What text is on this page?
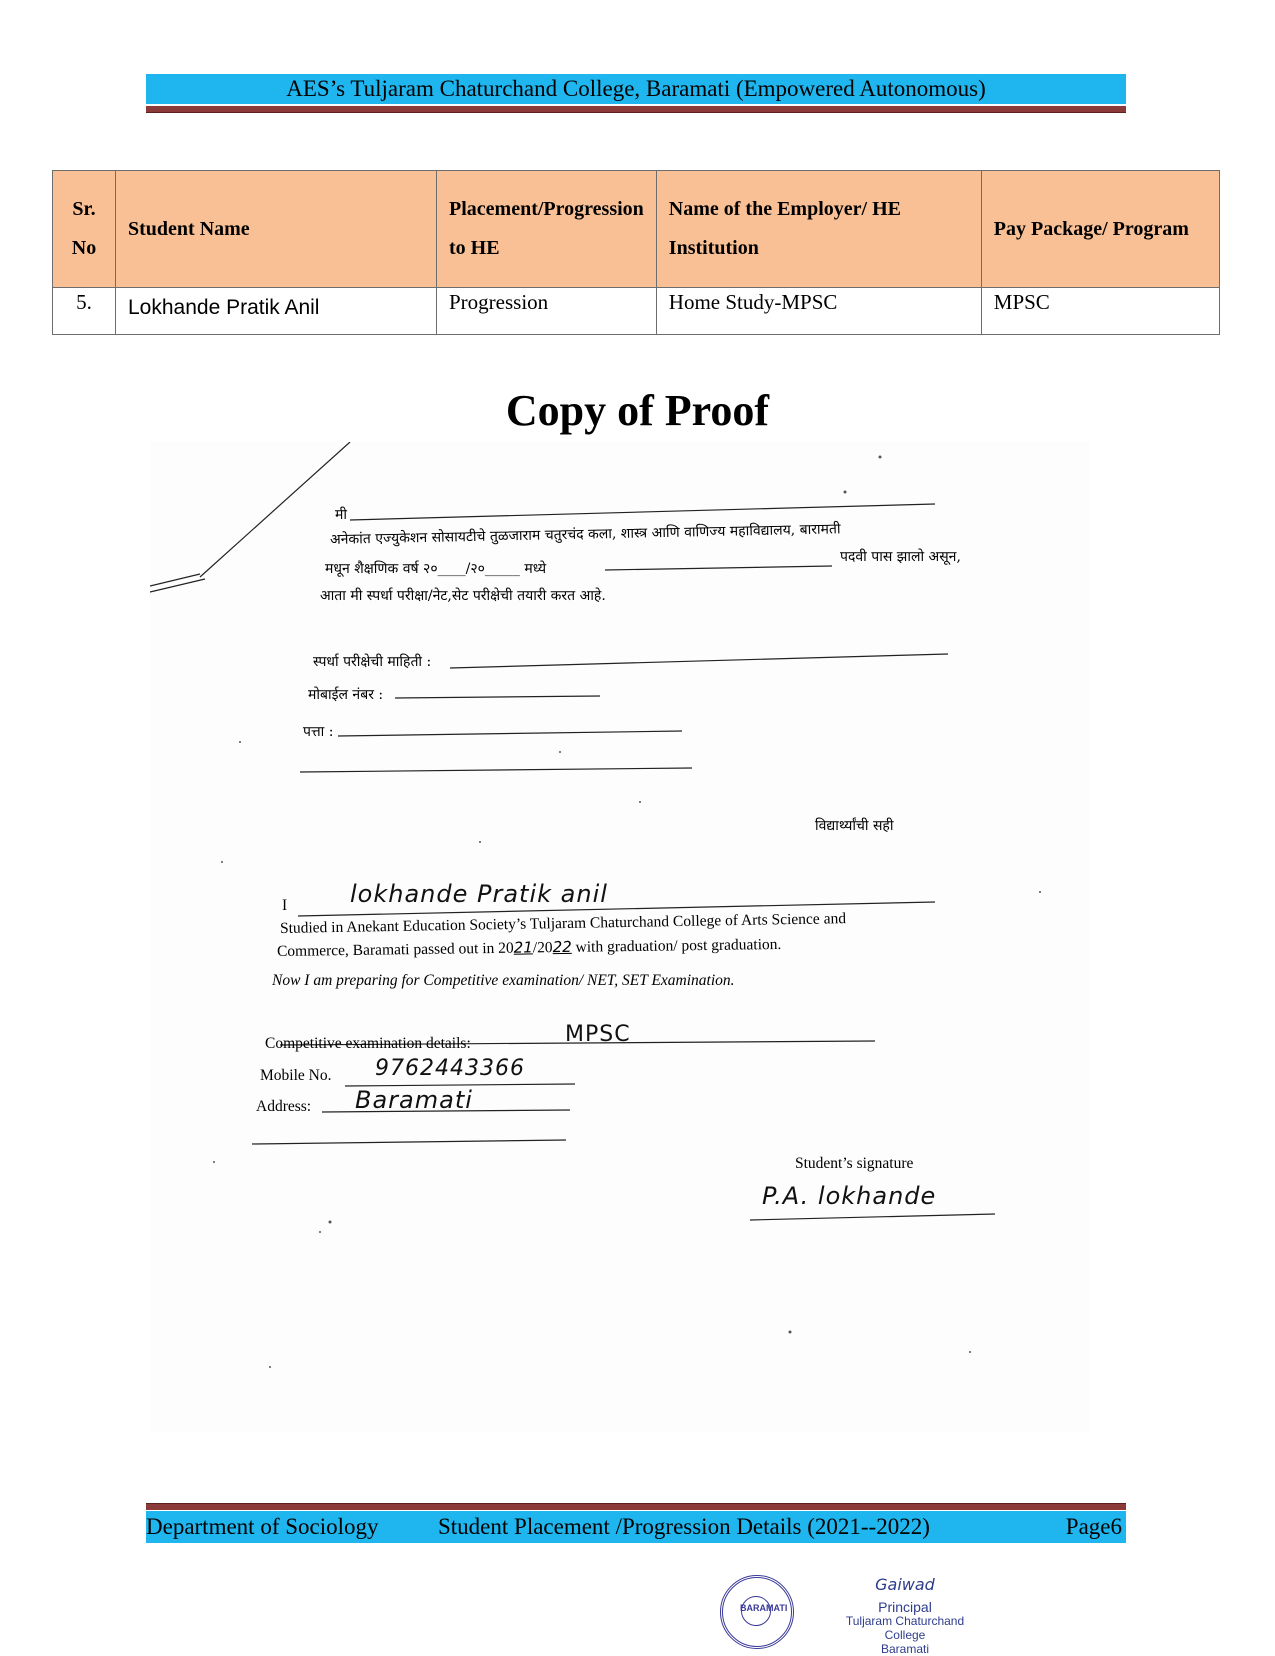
AES’s Tuljaram Chaturchand College, Baramati (Empowered Autonomous)
Sr. No	Student Name	Placement/Progression to HE	Name of the Employer/ HE Institution	Pay Package/ Program
5.	Lokhande Pratik Anil	Progression	Home Study-MPSC	MPSC
Copy of Proof
मी
अनेकांत एज्युकेशन सोसायटीचे तुळजाराम चतुरचंद कला, शास्त्र आणि वाणिज्य महाविद्यालय, बारामती
मधून शैक्षणिक वर्ष २०____/२०_____ मध्ये
पदवी पास झालो असून,
आता मी स्पर्धा परीक्षा/नेट,सेट परीक्षेची तयारी करत आहे.
स्पर्धा परीक्षेची माहिती :
मोबाईल नंबर :
पत्ता :
विद्यार्थ्यांची सही
I	lokhande Pratik anil
Studied in Anekant Education Society’s Tuljaram Chaturchand College of Arts Science and
Commerce, Baramati passed out in 2021/2022 with graduation/ post graduation.
Now I am preparing for Competitive examination/ NET, SET Examination.
Competitive examination details:	MPSC
Mobile No. 9762443366
Address: Baramati
Student’s signature
P.A. lokhande
Department of Sociology	Student Placement /Progression Details (2021--2022)	Page6
BARAMATI
Gaiwad
Principal
Tuljaram Chaturchand College
Baramati
